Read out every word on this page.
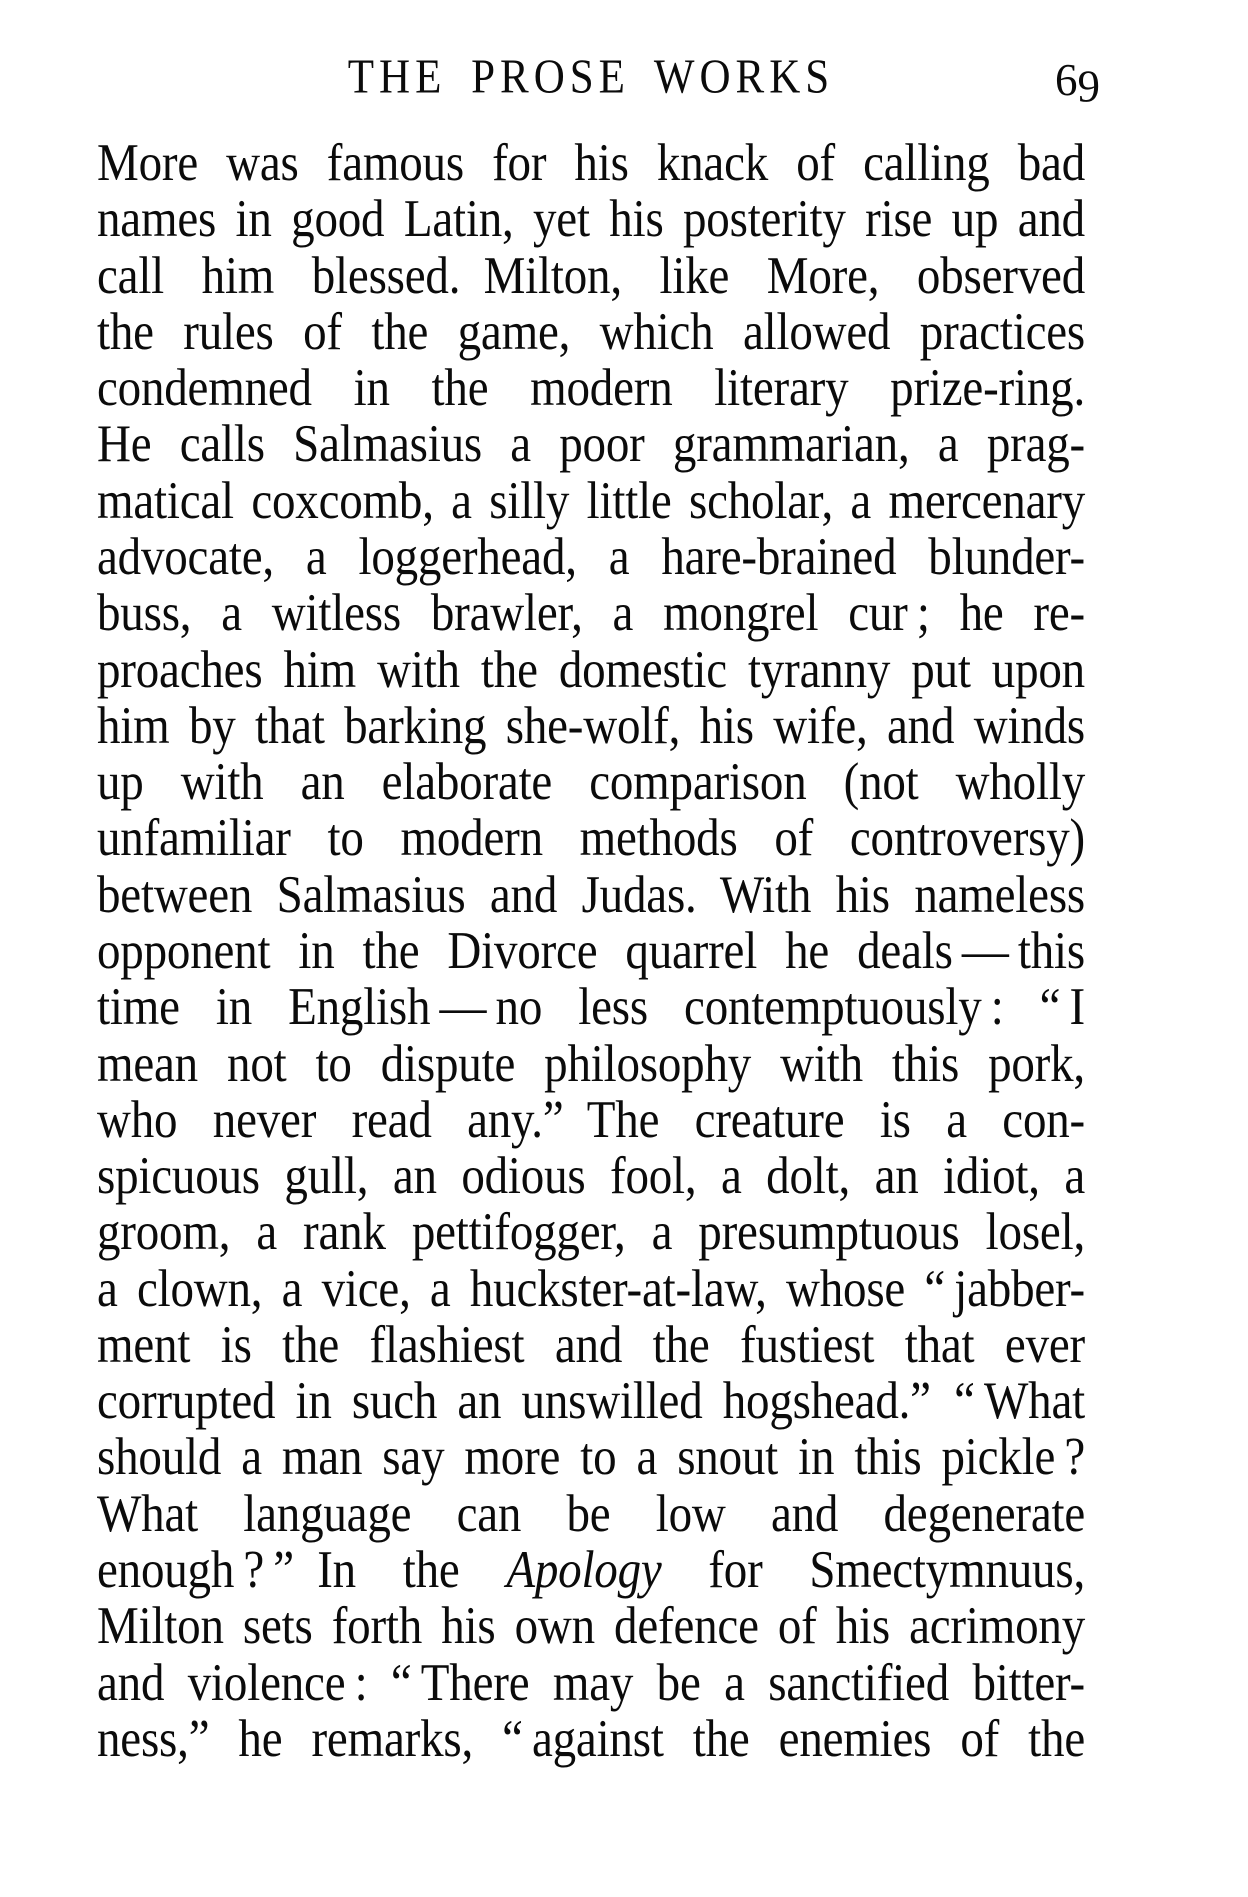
THE PROSE WORKS	69
More was famous for his knack of calling bad
names in good Latin, yet his posterity rise up and
call him blessed. Milton, like More, observed
the rules of the game, which allowed practices
condemned in the modern literary prize-ring.
He calls Salmasius a poor grammarian, a prag-
matical coxcomb, a silly little scholar, a mercenary
advocate, a loggerhead, a hare-brained blunder-
buss, a witless brawler, a mongrel cur ; he re-
proaches him with the domestic tyranny put upon
him by that barking she-wolf, his wife, and winds
up with an elaborate comparison (not wholly
unfamiliar to modern methods of controversy)
between Salmasius and Judas. With his nameless
opponent in the Divorce quarrel he deals — this
time in English — no less contemptuously : “ I
mean not to dispute philosophy with this pork,
who never read any.” The creature is a con-
spicuous gull, an odious fool, a dolt, an idiot, a
groom, a rank pettifogger, a presumptuous losel,
a clown, a vice, a huckster-at-law, whose “ jabber-
ment is the flashiest and the fustiest that ever
corrupted in such an unswilled hogshead.” “ What
should a man say more to a snout in this pickle ?
What language can be low and degenerate
enough ? ” In the Apology for Smectymnuus,
Milton sets forth his own defence of his acrimony
and violence : “ There may be a sanctified bitter-
ness,” he remarks, “ against the enemies of the
